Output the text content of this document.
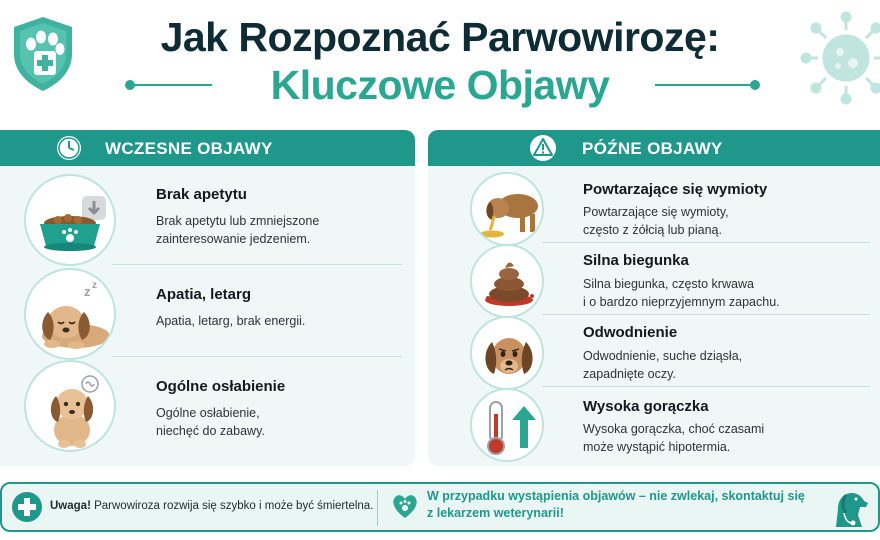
Jak Rozpoznać Parwowirozę:
Kluczowe Objawy
WCZESNE OBJAWY
Brak apetytu
Brak apetytu lub zmniejszone
zainteresowanie jedzeniem.
z z
Apatia, letarg
Apatia, letarg, brak energii.
Ogólne osłabienie
Ogólne osłabienie,
niechęć do zabawy.
PÓŹNE OBJAWY
Powtarzające się wymioty
Powtarzające się wymioty,
często z żółcią lub pianą.
Silna biegunka
Silna biegunka, często krwawa
i o bardzo nieprzyjemnym zapachu.
Odwodnienie
Odwodnienie, suche dziąsła,
zapadnięte oczy.
Wysoka gorączka
Wysoka gorączka, choć czasami
może wystąpić hipotermia.
Uwaga! Parwowiroza rozwija się szybko i może być śmiertelna.
W przypadku wystąpienia objawów – nie zwlekaj, skontaktuj się z lekarzem weterynarii!
